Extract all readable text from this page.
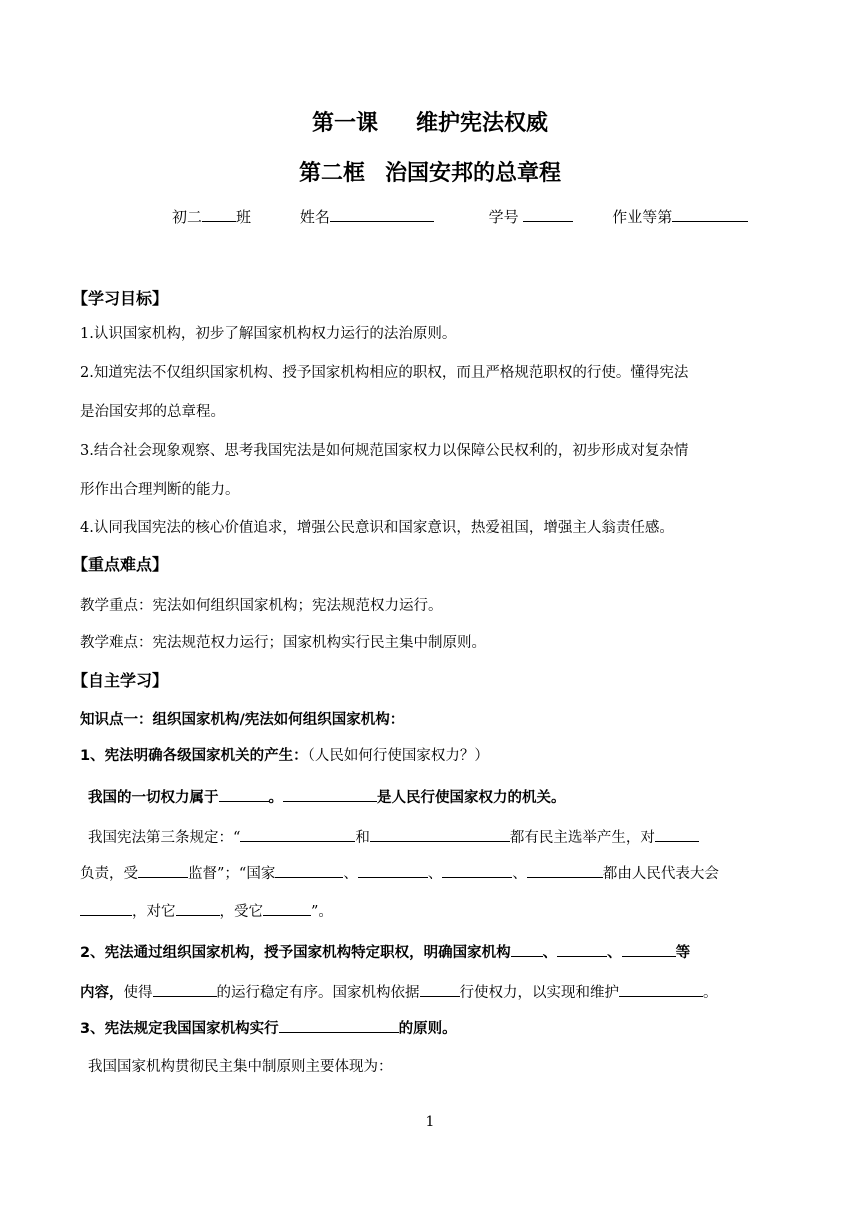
第一课 维护宪法权威
第二框 治国安邦的总章程
初二 班	姓名	学号	作业等第
【学习目标】
1.认识国家机构，初步了解国家机构权力运行的法治原则。
2.知道宪法不仅组织国家机构、授予国家机构相应的职权，而且严格规范职权的行使。懂得宪法
是治国安邦的总章程。
3.结合社会现象观察、思考我国宪法是如何规范国家权力以保障公民权利的，初步形成对复杂情
形作出合理判断的能力。
4.认同我国宪法的核心价值追求，增强公民意识和国家意识，热爱祖国，增强主人翁责任感。
【重点难点】
教学重点：宪法如何组织国家机构；宪法规范权力运行。
教学难点：宪法规范权力运行；国家机构实行民主集中制原则。
【自主学习】
知识点一：组织国家机构/宪法如何组织国家机构：
1、宪法明确各级国家机关的产生：（人民如何行使国家权力？）
我国的一切权力属于	。	是人民行使国家权力的机关。
我国宪法第三条规定：“	和	都有民主选举产生，对
负责，受	监督”；“国家	、	、	、	都由人民代表大会
，对它	，受它	”。
2、宪法通过组织国家机构，授予国家机构特定职权，明确国家机构 、	、	等
内容，使得	的运行稳定有序。国家机构依据	行使权力，以实现和维护	。
3、宪法规定我国国家机构实行	的原则。
我国国家机构贯彻民主集中制原则主要体现为：
1
